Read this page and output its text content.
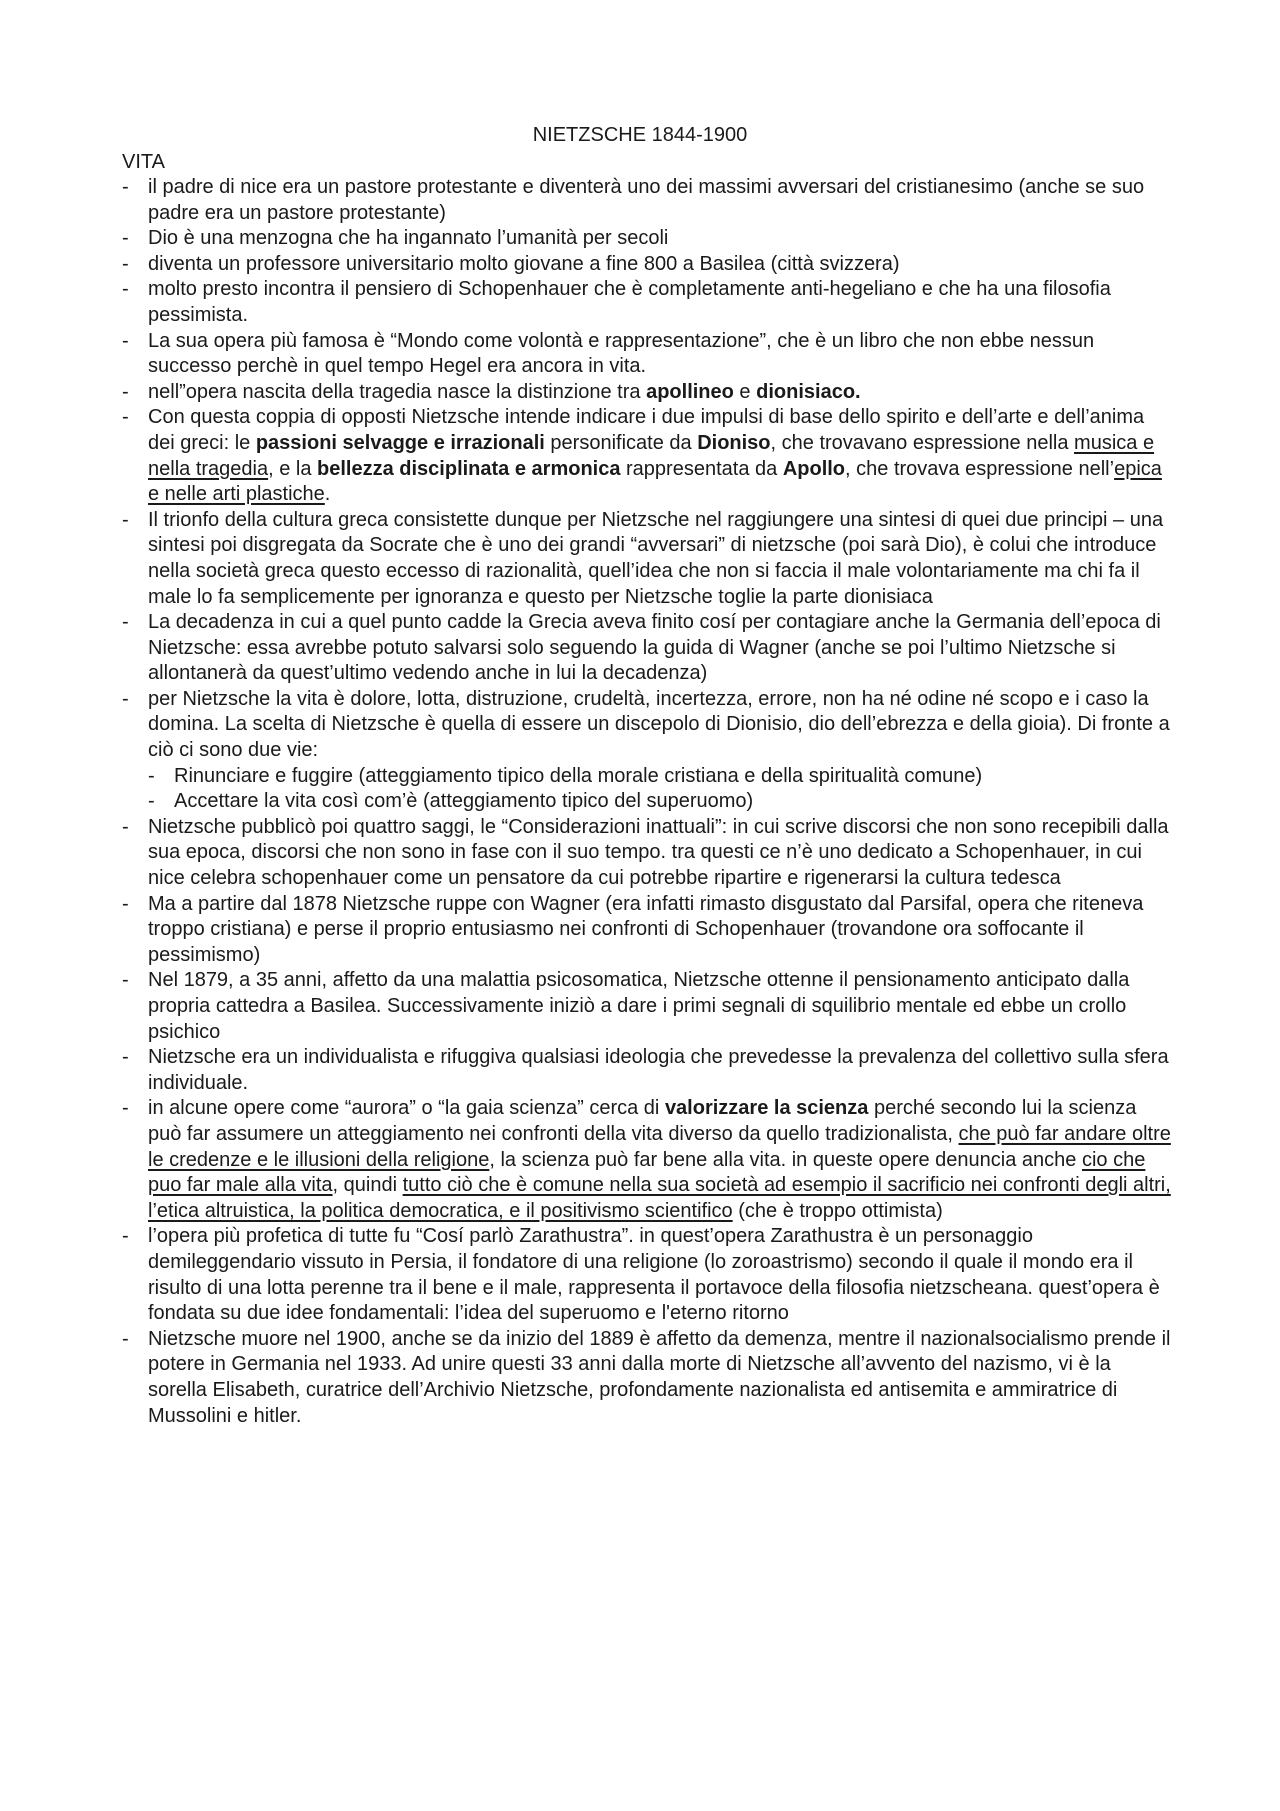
NIETZSCHE 1844-1900
VITA
- il padre di nice era un pastore protestante e diventerà uno dei massimi avversari del cristianesimo (anche se suo padre era un pastore protestante)
- Dio è una menzogna che ha ingannato l’umanità per secoli
- diventa un professore universitario molto giovane a fine 800 a Basilea (città svizzera)
- molto presto incontra il pensiero di Schopenhauer che è completamente anti-hegeliano e che ha una filosofia pessimista.
- La sua opera più famosa è “Mondo come volontà e rappresentazione”, che è un libro che non ebbe nessun successo perchè in quel tempo Hegel era ancora in vita.
- nell”opera nascita della tragedia nasce la distinzione tra apollineo e dionisiaco.
- Con questa coppia di opposti Nietzsche intende indicare i due impulsi di base dello spirito e dell’arte e dell’anima dei greci: le passioni selvagge e irrazionali personificate da Dioniso, che trovavano espressione nella musica e nella tragedia, e la bellezza disciplinata e armonica rappresentata da Apollo, che trovava espressione nell’epica e nelle arti plastiche.
- Il trionfo della cultura greca consistette dunque per Nietzsche nel raggiungere una sintesi di quei due principi – una sintesi poi disgregata da Socrate che è uno dei grandi “avversari” di nietzsche (poi sarà Dio), è colui che introduce nella società greca questo eccesso di razionalità, quell’idea che non si faccia il male volontariamente ma chi fa il male lo fa semplicemente per ignoranza e questo per Nietzsche toglie la parte dionisiaca
- La decadenza in cui a quel punto cadde la Grecia aveva finito cosí per contagiare anche la Germania dell’epoca di Nietzsche: essa avrebbe potuto salvarsi solo seguendo la guida di Wagner (anche se poi l’ultimo Nietzsche si allontanerà da quest’ultimo vedendo anche in lui la decadenza)
- per Nietzsche la vita è dolore, lotta, distruzione, crudeltà, incertezza, errore, non ha né odine né scopo e i caso la domina. La scelta di Nietzsche è quella di essere un discepolo di Dionisio, dio dell’ebrezza e della gioia). Di fronte a ciò ci sono due vie:
- Rinunciare e fuggire (atteggiamento tipico della morale cristiana e della spiritualità comune)
- Accettare la vita così com’è (atteggiamento tipico del superuomo)
- Nietzsche pubblicò poi quattro saggi, le “Considerazioni inattuali”: in cui scrive discorsi che non sono recepibili dalla sua epoca, discorsi che non sono in fase con il suo tempo. tra questi ce n’è uno dedicato a Schopenhauer, in cui nice celebra schopenhauer come un pensatore da cui potrebbe ripartire e rigenerarsi la cultura tedesca
- Ma a partire dal 1878 Nietzsche ruppe con Wagner (era infatti rimasto disgustato dal Parsifal, opera che riteneva troppo cristiana) e perse il proprio entusiasmo nei confronti di Schopenhauer (trovandone ora soffocante il pessimismo)
- Nel 1879, a 35 anni, affetto da una malattia psicosomatica, Nietzsche ottenne il pensionamento anticipato dalla propria cattedra a Basilea. Successivamente iniziò a dare i primi segnali di squilibrio mentale ed ebbe un crollo psichico
- Nietzsche era un individualista e rifuggiva qualsiasi ideologia che prevedesse la prevalenza del collettivo sulla sfera individuale.
- in alcune opere come “aurora” o “la gaia scienza” cerca di valorizzare la scienza perché secondo lui la scienza può far assumere un atteggiamento nei confronti della vita diverso da quello tradizionalista, che può far andare oltre le credenze e le illusioni della religione, la scienza può far bene alla vita. in queste opere denuncia anche cio che puo far male alla vita, quindi tutto ciò che è comune nella sua società ad esempio il sacrificio nei confronti degli altri, l’etica altruistica, la politica democratica, e il positivismo scientifico (che è troppo ottimista)
- l’opera più profetica di tutte fu “Cosí parlò Zarathustra”. in quest’opera Zarathustra è un personaggio demileggendario vissuto in Persia, il fondatore di una religione (lo zoroastrismo) secondo il quale il mondo era il risulto di una lotta perenne tra il bene e il male, rappresenta il portavoce della filosofia nietzscheana. quest’opera è fondata su due idee fondamentali: l’idea del superuomo e l'eterno ritorno
- Nietzsche muore nel 1900, anche se da inizio del 1889 è affetto da demenza, mentre il nazionalsocialismo prende il potere in Germania nel 1933. Ad unire questi 33 anni dalla morte di Nietzsche all’avvento del nazismo, vi è la sorella Elisabeth, curatrice dell’Archivio Nietzsche, profondamente nazionalista ed antisemita e ammiratrice di Mussolini e hitler.
